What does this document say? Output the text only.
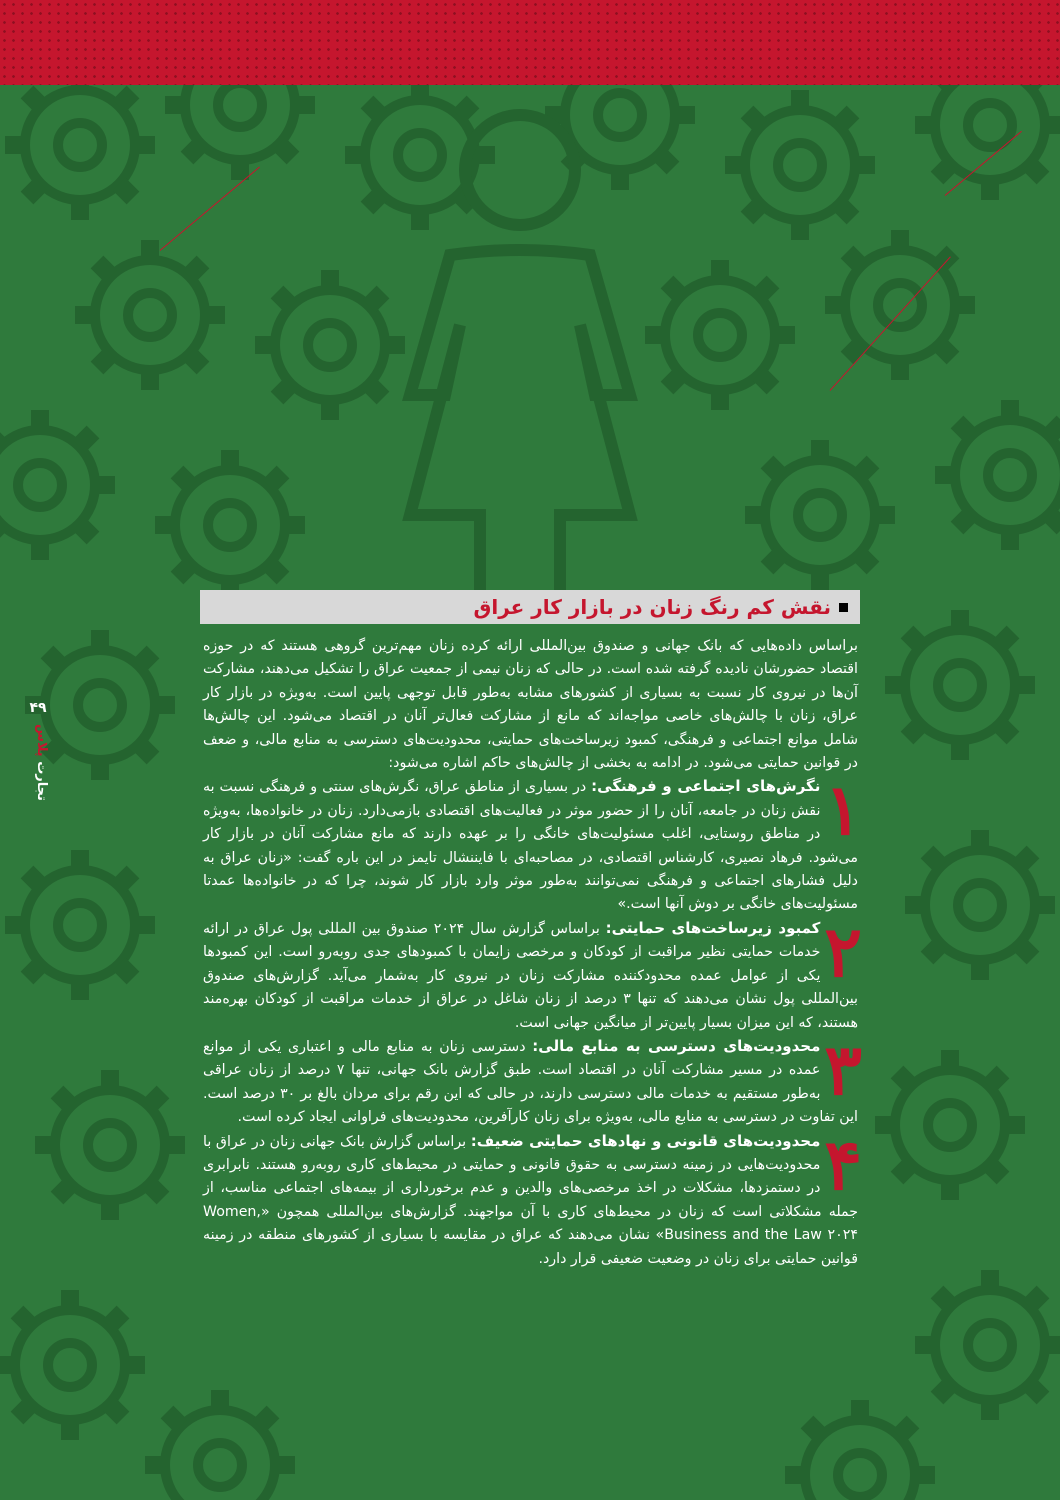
۴۹
تجارت پلاس
نقش کم رنگ زنان در بازار کار عراق

براساس داده‌هایی که بانک جهانی و صندوق بین‌المللی ارائه کرده زنان مهم‌ترین گروهی هستند که در حوزه اقتصاد حضورشان نادیده گرفته شده است. در حالی که زنان نیمی از جمعیت عراق را تشکیل می‌دهند، مشارکت آن‌ها در نیروی کار نسبت به بسیاری از کشورهای مشابه به‌طور قابل توجهی پایین است. به‌ویژه در بازار کار عراق، زنان با چالش‌های خاصی مواجه‌اند که مانع از مشارکت فعال‌تر آنان در اقتصاد می‌شود. این چالش‌ها شامل موانع اجتماعی و فرهنگی، کمبود زیرساخت‌های حمایتی، محدودیت‌های دسترسی به منابع مالی، و ضعف در قوانین حمایتی می‌شود. در ادامه به بخشی از چالش‌های حاکم اشاره می‌شود:

۱

نگرش‌های اجتماعی و فرهنگی: در بسیاری از مناطق عراق، نگرش‌های سنتی و فرهنگی نسبت به نقش زنان در جامعه، آنان را از حضور موثر در فعالیت‌های اقتصادی بازمی‌دارد. زنان در خانواده‌ها، به‌ویژه در مناطق روستایی، اغلب مسئولیت‌های خانگی را بر عهده دارند که مانع مشارکت آنان در بازار کار می‌شود. فرهاد نصیری، کارشناس اقتصادی، در مصاحبه‌ای با فایننشال تایمز در این باره گفت: «زنان عراق به دلیل فشارهای اجتماعی و فرهنگی نمی‌توانند به‌طور موثر وارد بازار کار شوند، چرا که در خانواده‌ها عمدتا مسئولیت‌های خانگی بر دوش آنها است.»

۲

کمبود زیرساخت‌های حمایتی: براساس گزارش سال ۲۰۲۴ صندوق بین المللی پول عراق در ارائه خدمات حمایتی نظیر مراقبت از کودکان و مرخصی زایمان با کمبودهای جدی روبه‌رو است. این کمبودها یکی از عوامل عمده محدودکننده مشارکت زنان در نیروی کار به‌شمار می‌آید. گزارش‌های صندوق بین‌المللی پول نشان می‌دهند که تنها ۳ درصد از زنان شاغل در عراق از خدمات مراقبت از کودکان بهره‌مند هستند، که این میزان بسیار پایین‌تر از میانگین جهانی است.

۳

محدودیت‌های دسترسی به منابع مالی: دسترسی زنان به منابع مالی و اعتباری یکی از موانع عمده در مسیر مشارکت آنان در اقتصاد است. طبق گزارش بانک جهانی، تنها ۷ درصد از زنان عراقی به‌طور مستقیم به خدمات مالی دسترسی دارند، در حالی که این رقم برای مردان بالغ بر ۳۰ درصد است. این تفاوت در دسترسی به منابع مالی، به‌ویژه برای زنان کارآفرین، محدودیت‌های فراوانی ایجاد کرده است.

۴

محدودیت‌های قانونی و نهادهای حمایتی ضعیف: براساس گزارش بانک جهانی زنان در عراق با محدودیت‌هایی در زمینه دسترسی به حقوق قانونی و حمایتی در محیط‌های کاری روبه‌رو هستند. نابرابری در دستمزدها، مشکلات در اخذ مرخصی‌های والدین و عدم برخورداری از بیمه‌های اجتماعی مناسب، از جمله مشکلاتی است که زنان در محیط‌های کاری با آن مواجهند. گزارش‌های بین‌المللی همچون «Women, Business and the Law ۲۰۲۴» نشان می‌دهند که عراق در مقایسه با بسیاری از کشورهای منطقه در زمینه قوانین حمایتی برای زنان در وضعیت ضعیفی قرار دارد.
